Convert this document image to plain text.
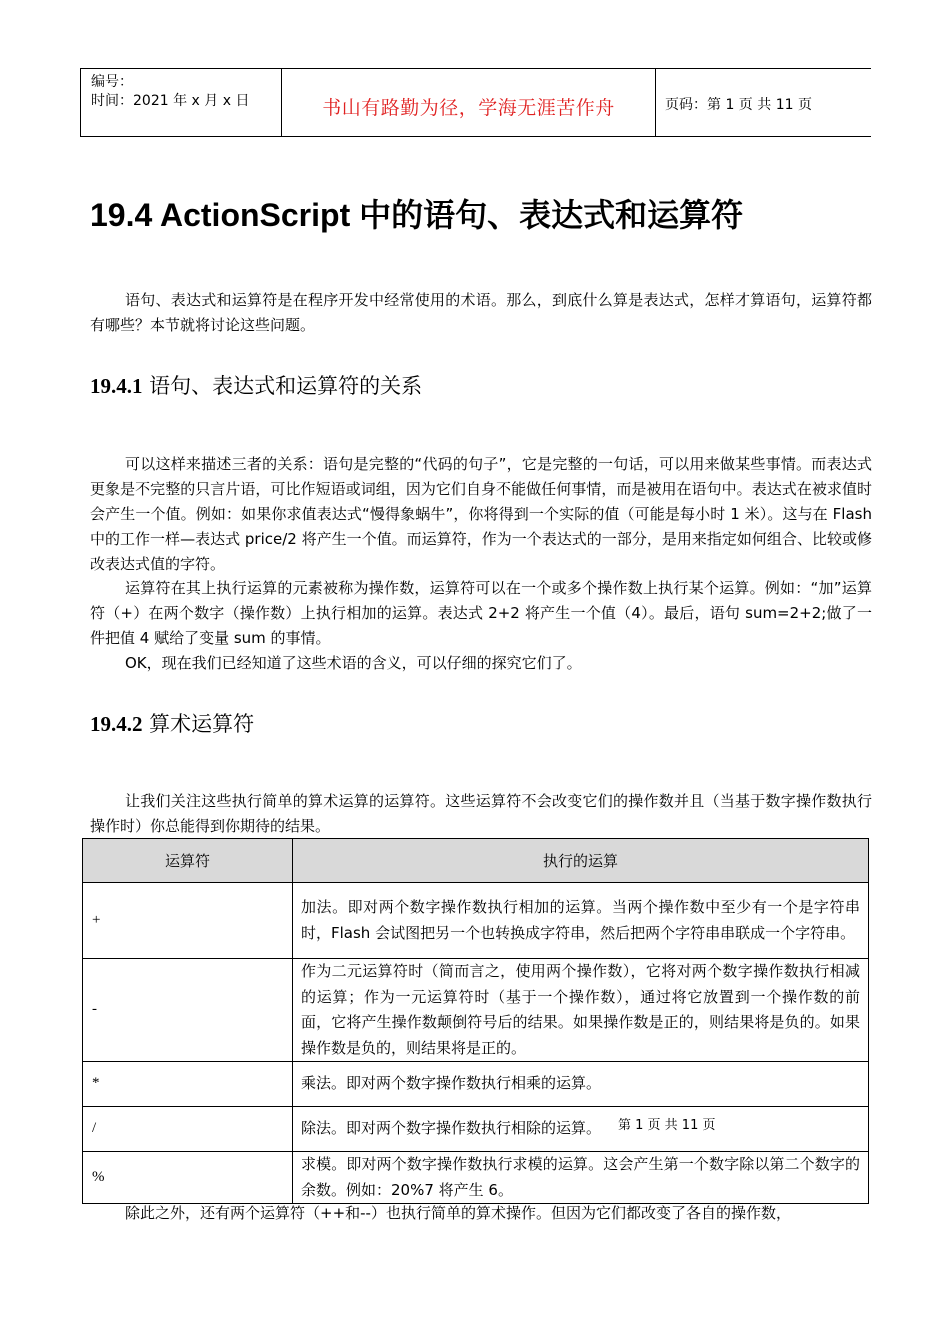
编号：
时间：2021 年 x 月 x 日	书山有路勤为径，学海无涯苦作舟	页码：第 1 页 共 11 页
19.4 ActionScript 中的语句、表达式和运算符

语句、表达式和运算符是在程序开发中经常使用的术语。那么，到底什么算是表达式，怎样才算语句，运算符都有哪些？本节就将讨论这些问题。

19.4.1 语句、表达式和运算符的关系

可以这样来描述三者的关系：语句是完整的“代码的句子”，它是完整的一句话，可以用来做某些事情。而表达式更象是不完整的只言片语，可比作短语或词组，因为它们自身不能做任何事情，而是被用在语句中。表达式在被求值时会产生一个值。例如：如果你求值表达式“慢得象蜗牛”，你将得到一个实际的值（可能是每小时 1 米）。这与在 Flash 中的工作一样—表达式 price/2 将产生一个值。而运算符，作为一个表达式的一部分，是用来指定如何组合、比较或修改表达式值的字符。

运算符在其上执行运算的元素被称为操作数，运算符可以在一个或多个操作数上执行某个运算。例如：“加”运算符（+）在两个数字（操作数）上执行相加的运算。表达式 2+2 将产生一个值（4）。最后，语句 sum=2+2;做了一件把值 4 赋给了变量 sum 的事情。

OK，现在我们已经知道了这些术语的含义，可以仔细的探究它们了。

19.4.2 算术运算符

让我们关注这些执行简单的算术运算的运算符。这些运算符不会改变它们的操作数并且（当基于数字操作数执行操作时）你总能得到你期待的结果。

运算符	执行的运算
+	加法。即对两个数字操作数执行相加的运算。当两个操作数中至少有一个是字符串时，Flash 会试图把另一个也转换成字符串，然后把两个字符串串联成一个字符串。
-	作为二元运算符时（简而言之，使用两个操作数），它将对两个数字操作数执行相减的运算；作为一元运算符时（基于一个操作数），通过将它放置到一个操作数的前面，它将产生操作数颠倒符号后的结果。如果操作数是正的，则结果将是负的。如果操作数是负的，则结果将是正的。
*	乘法。即对两个数字操作数执行相乘的运算。
/	除法。即对两个数字操作数执行相除的运算。
%	求模。即对两个数字操作数执行求模的运算。这会产生第一个数字除以第二个数字的余数。例如：20%7 将产生 6。
第 1 页 共 11 页

除此之外，还有两个运算符（++和--）也执行简单的算术操作。但因为它们都改变了各自的操作数，
